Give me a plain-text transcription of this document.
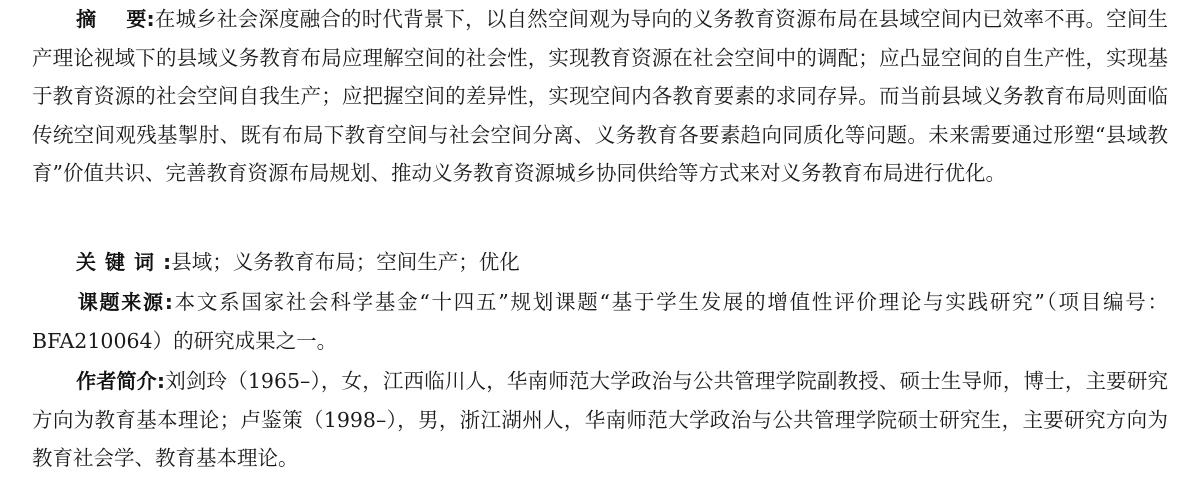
摘要:在城乡社会深度融合的时代背景下，以自然空间观为导向的义务教育资源布局在县域空间内已效率不再。空间生产理论视域下的县域义务教育布局应理解空间的社会性，实现教育资源在社会空间中的调配；应凸显空间的自生产性，实现基于教育资源的社会空间自我生产；应把握空间的差异性，实现空间内各教育要素的求同存异。而当前县域义务教育布局则面临传统空间观残基掣肘、既有布局下教育空间与社会空间分离、义务教育各要素趋向同质化等问题。未来需要通过形塑“县域教育”价值共识、完善教育资源布局规划、推动义务教育资源城乡协同供给等方式来对义务教育布局进行优化。
关键词:县域；义务教育布局；空间生产；优化
课题来源:本文系国家社会科学基金“十四五”规划课题“基于学生发展的增值性评价理论与实践研究”（项目编号：BFA210064）的研究成果之一。
作者简介:刘剑玲（1965–），女，江西临川人，华南师范大学政治与公共管理学院副教授、硕士生导师，博士，主要研究方向为教育基本理论；卢鉴策（1998–），男，浙江湖州人，华南师范大学政治与公共管理学院硕士研究生，主要研究方向为教育社会学、教育基本理论。
